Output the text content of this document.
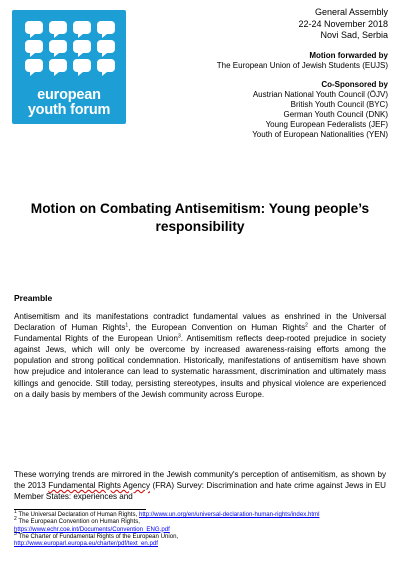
european
youth forum
General Assembly
22-24 November 2018
Novi Sad, Serbia
Motion forwarded by
The European Union of Jewish Students (EUJS)
Co-Sponsored by
Austrian National Youth Council (ÖJV)
British Youth Council (BYC)
German Youth Council (DNK)
Young European Federalists (JEF)
Youth of European Nationalities (YEN)
Motion on Combating Antisemitism: Young people’s
responsibility
Preamble
Antisemitism and its manifestations contradict fundamental values as enshrined in the Universal Declaration of Human Rights$^1$, the European Convention on Human Rights$^2$ and the Charter of Fundamental Rights of the European Union$^3$. Antisemitism reflects deep-rooted prejudice in society against Jews, which will only be overcome by increased awareness-raising efforts among the population and strong political condemnation. Historically, manifestations of antisemitism have shown how prejudice and intolerance can lead to systematic harassment, discrimination and ultimately mass killings and genocide. Still today, persisting stereotypes, insults and physical violence are experienced on a daily basis by members of the Jewish community across Europe.
These worrying trends are mirrored in the Jewish community's perception of antisemitism, as shown by the 2013 Fundamental Rights Agency (FRA) Survey: Discrimination and hate crime against Jews in EU Member States: experiences and
$^1$ The Universal Declaration of Human Rights, http://www.un.org/en/universal-declaration-human-rights/index.html
$^2$ The European Convention on Human Rights,
https://www.echr.coe.int/Documents/Convention_ENG.pdf
$^3$ The Charter of Fundamental Rights of the European Union,
http://www.europarl.europa.eu/charter/pdf/text_en.pdf
